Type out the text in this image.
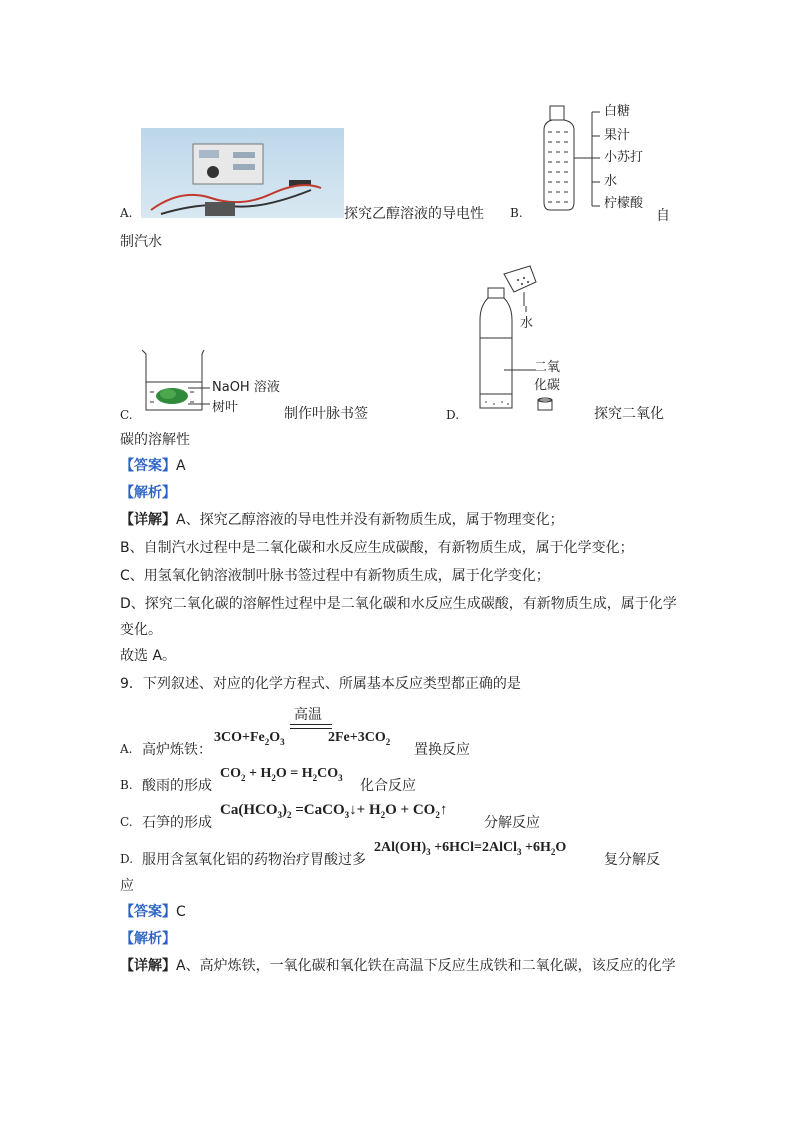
A.	探究乙醇溶液的导电性
白糖
果汁
小苏打
水
柠檬酸
B.	自
制汽水
NaOH 溶液
树叶
C.	制作叶脉书签
水
二氧
化碳
D.	探究二氧化
碳的溶解性
【答案】A
【解析】
【详解】A、探究乙醇溶液的导电性并没有新物质生成，属于物理变化；
B、自制汽水过程中是二氧化碳和水反应生成碳酸，有新物质生成，属于化学变化；
C、用氢氧化钠溶液制叶脉书签过程中有新物质生成，属于化学变化；
D、探究二氧化碳的溶解性过程中是二氧化碳和水反应生成碳酸，有新物质生成，属于化学
变化。
故选 A。
9．下列叙述、对应的化学方程式、所属基本反应类型都正确的是
高温
A. 高炉炼铁：
$3CO+Fe_2O_3$	$2Fe+3CO_2$
置换反应
B. 酸雨的形成
$CO_2 + H_2O = H_2CO_3$
化合反应
C. 石笋的形成
$Ca(HCO_3)_2$ =CaCO$_3$↓+ $H_2O$ + $CO_2↑$
分解反应
D. 服用含氢氧化铝的药物治疗胃酸过多
$2Al(OH)_3$ +6HCl=2AlCl$_3$ $+6H_2O$
复分解反
应
【答案】C
【解析】
【详解】A、高炉炼铁，一氧化碳和氧化铁在高温下反应生成铁和二氧化碳，该反应的化学
